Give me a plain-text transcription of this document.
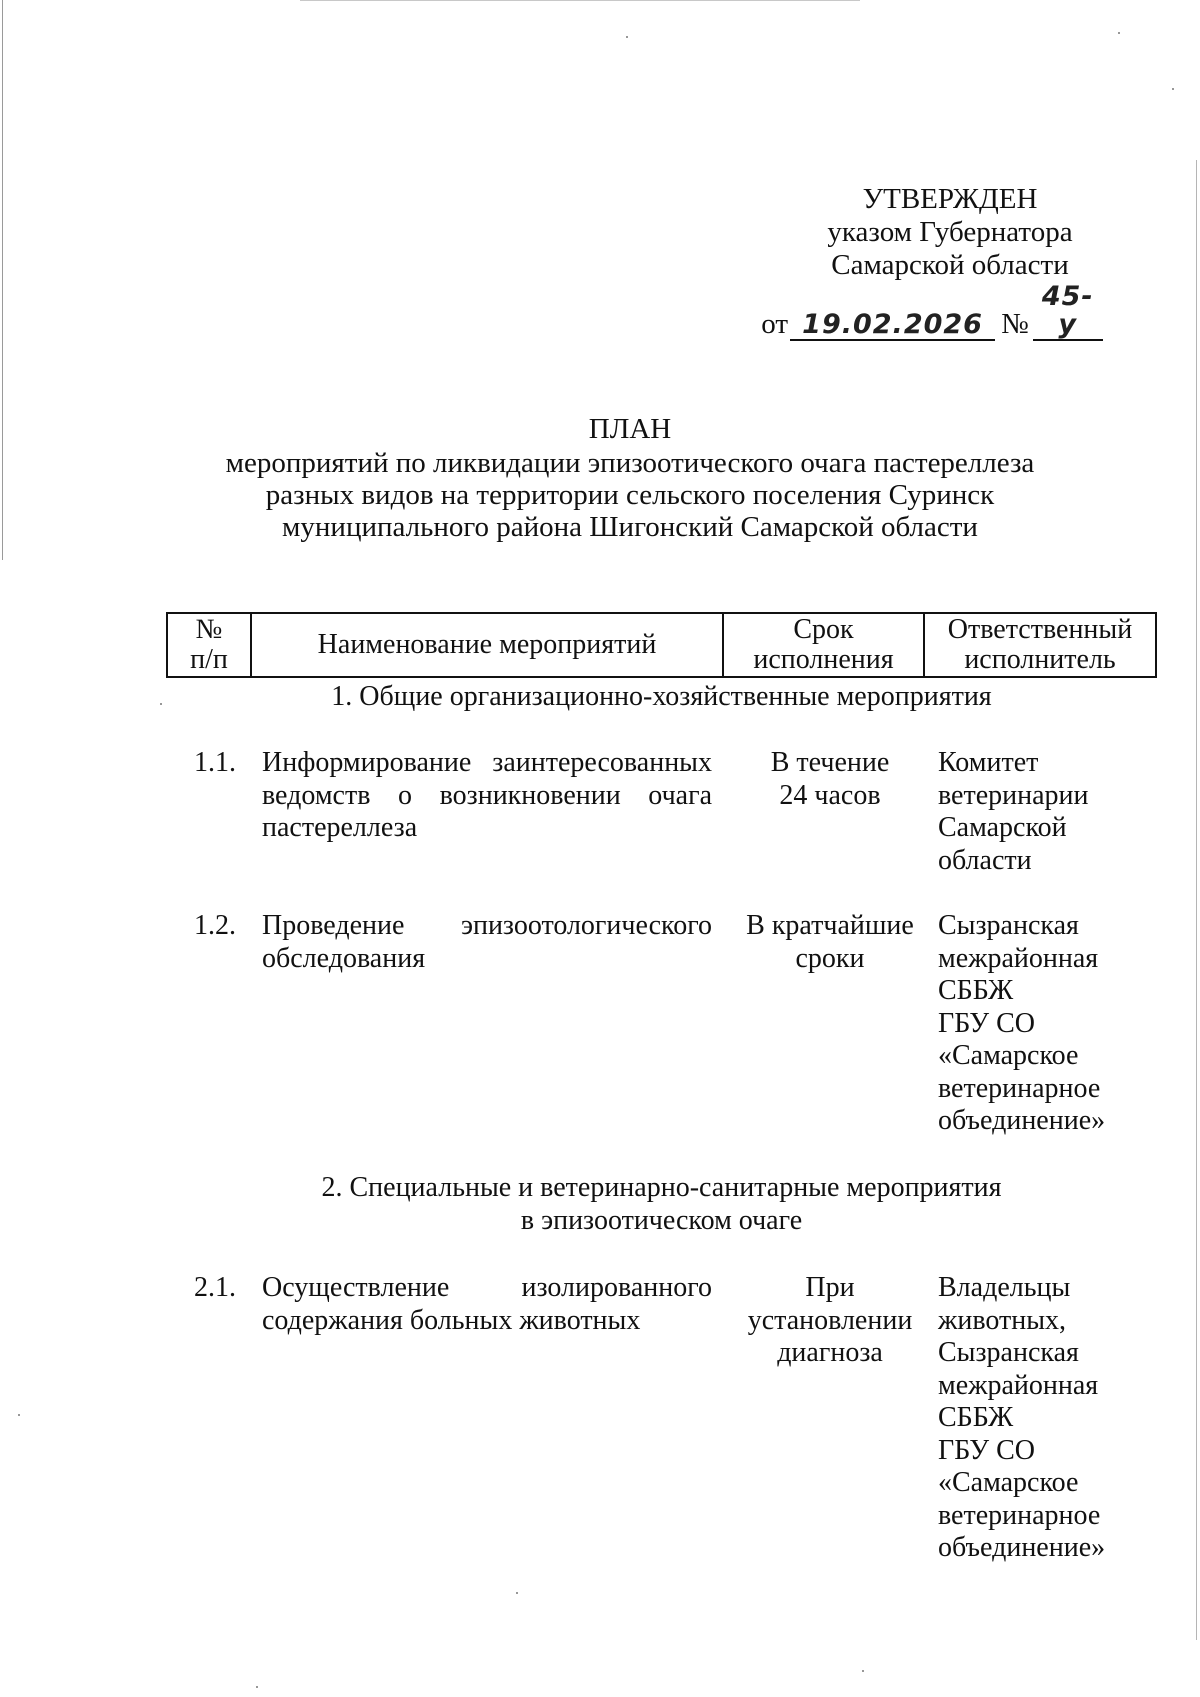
УТВЕРЖДЕН
указом Губернатора
Самарской области
от 19.02.2026 №45-у
ПЛАН
мероприятий по ликвидации эпизоотического очага пастереллеза
разных видов на территории сельского поселения Суринск
муниципального района Шигонский Самарской области
№
п/п	Наименование мероприятий	Срок
исполнения
Ответственный
исполнитель
1. Общие организационно-хозяйственные мероприятия
1.1. Информирование заинтересованных
ведомств о возникновении очага
пастереллеза
В течение
24 часов
Комитет
ветеринарии
Самарской
области
1.2. Проведение эпизоотологического
обследования
В кратчайшие
сроки
Сызранская
межрайонная
СББЖ
ГБУ СО
«Самарское
ветеринарное
объединение»
2. Специальные и ветеринарно-санитарные мероприятия
в эпизоотическом очаге
2.1. Осуществление изолированного
содержания больных животных
При
установлении
диагноза
Владельцы
животных,
Сызранская
межрайонная
СББЖ
ГБУ СО
«Самарское
ветеринарное
объединение»
